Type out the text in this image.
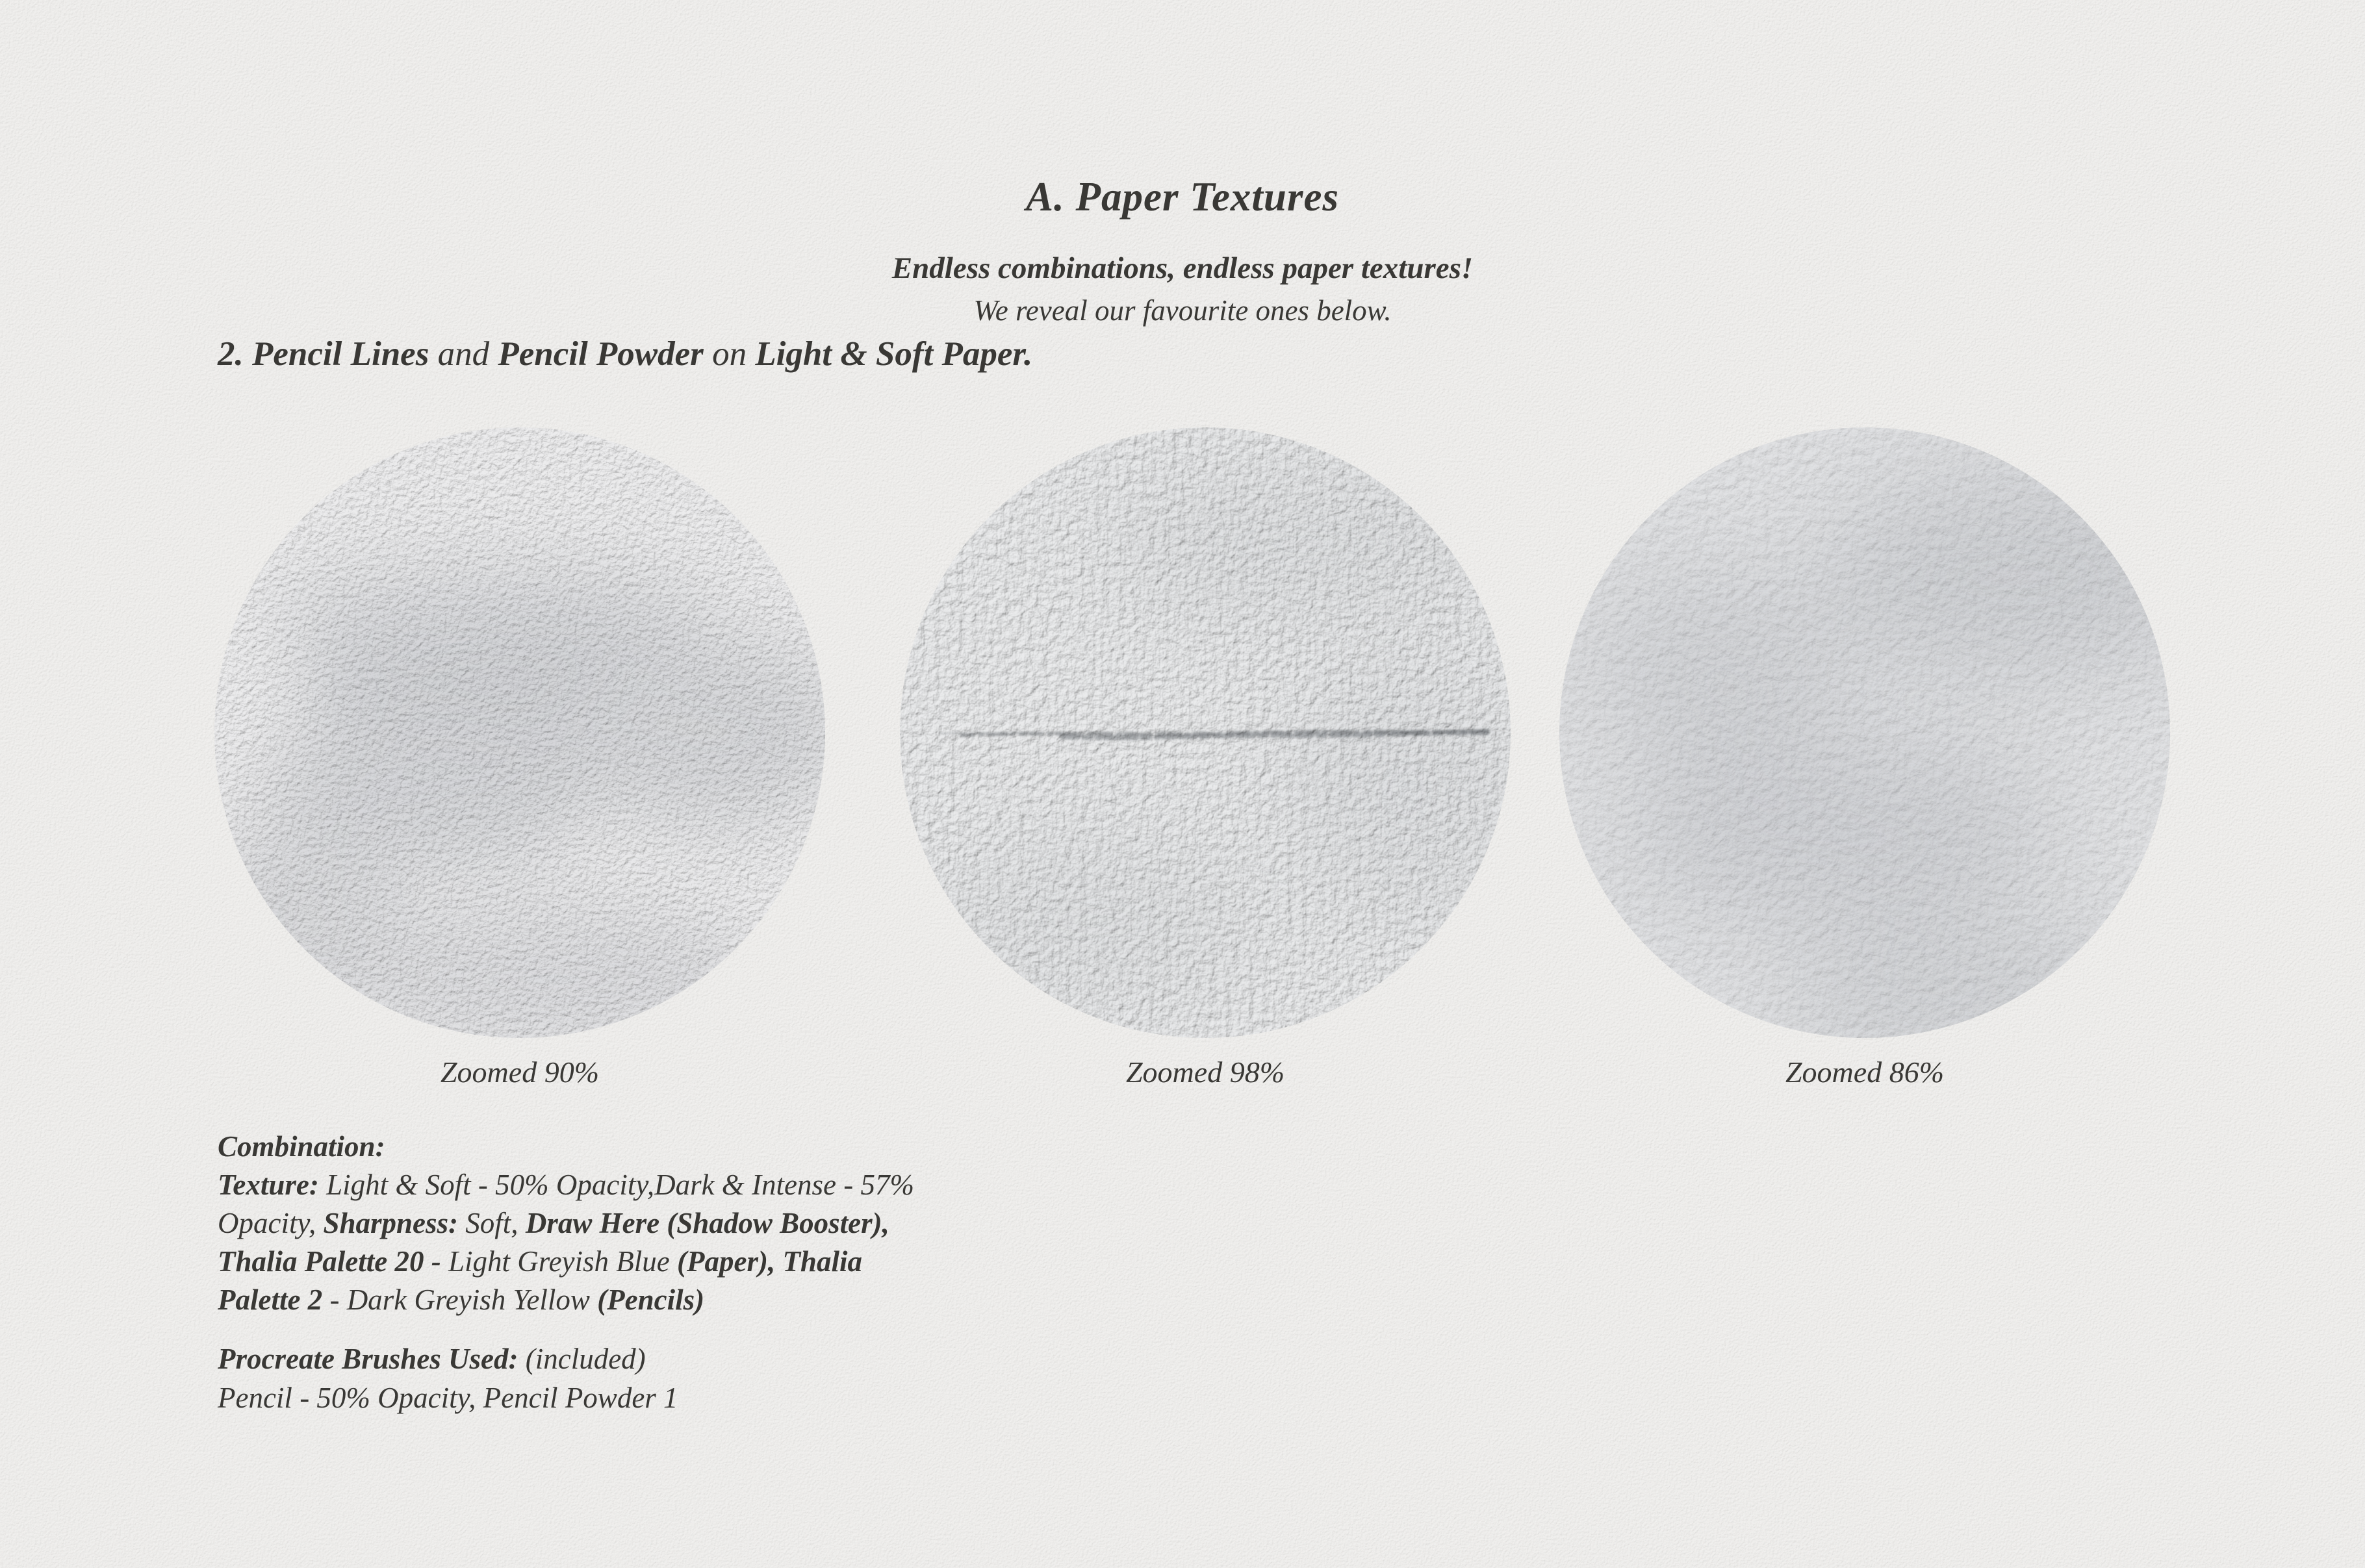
A. Paper Textures

Endless combinations, endless paper textures!

We reveal our favourite ones below.

2. Pencil Lines and Pencil Powder on Light & Soft Paper.
Zoomed 90%	Zoomed 98%	Zoomed 86%

Combination:

Texture: Light & Soft - 50% Opacity,Dark & Intense - 57%

Opacity, Sharpness: Soft, Draw Here (Shadow Booster),

Thalia Palette 20 - Light Greyish Blue (Paper), Thalia

Palette 2 - Dark Greyish Yellow (Pencils)

Procreate Brushes Used: (included)

Pencil - 50% Opacity, Pencil Powder 1
